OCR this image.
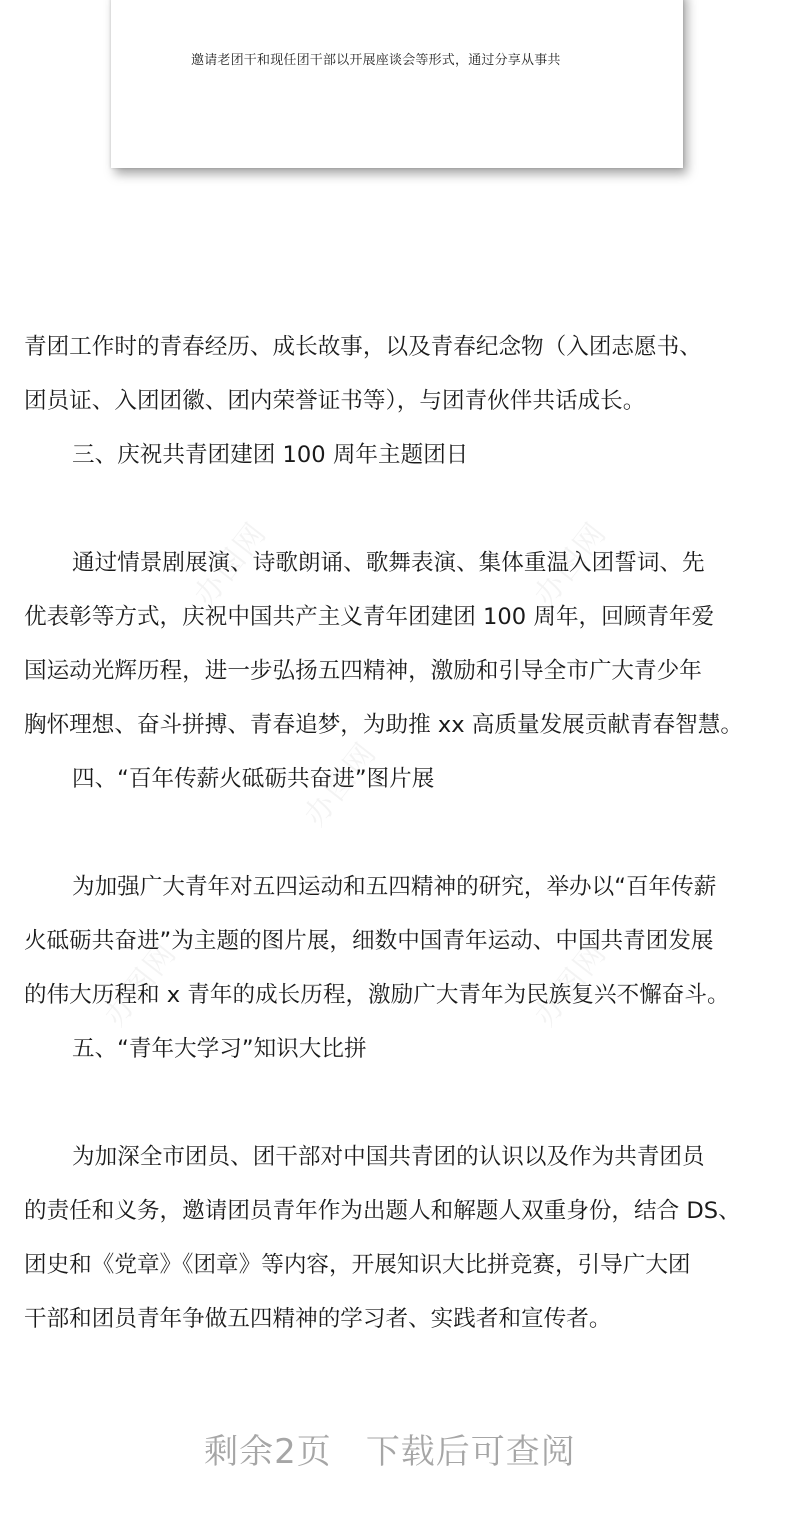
邀请老团干和现任团干部以开展座谈会等形式，通过分享从事共
办图网	办图网
办图网
办图网	办图网
青团工作时的青春经历、成长故事，以及青春纪念物（入团志愿书、
团员证、入团团徽、团内荣誉证书等），与团青伙伴共话成长。
三、庆祝共青团建团 100 周年主题团日
通过情景剧展演、诗歌朗诵、歌舞表演、集体重温入团誓词、先
优表彰等方式，庆祝中国共产主义青年团建团 100 周年，回顾青年爱
国运动光辉历程，进一步弘扬五四精神，激励和引导全市广大青少年
胸怀理想、奋斗拼搏、青春追梦，为助推 xx 高质量发展贡献青春智慧。
四、“百年传薪火砥砺共奋进”图片展
为加强广大青年对五四运动和五四精神的研究，举办以“百年传薪
火砥砺共奋进”为主题的图片展，细数中国青年运动、中国共青团发展
的伟大历程和 x 青年的成长历程，激励广大青年为民族复兴不懈奋斗。
五、“青年大学习”知识大比拼
为加深全市团员、团干部对中国共青团的认识以及作为共青团员
的责任和义务，邀请团员青年作为出题人和解题人双重身份，结合 DS、
团史和《党章》《团章》等内容，开展知识大比拼竞赛，引导广大团
干部和团员青年争做五四精神的学习者、实践者和宣传者。
剩余2页 下载后可查阅
